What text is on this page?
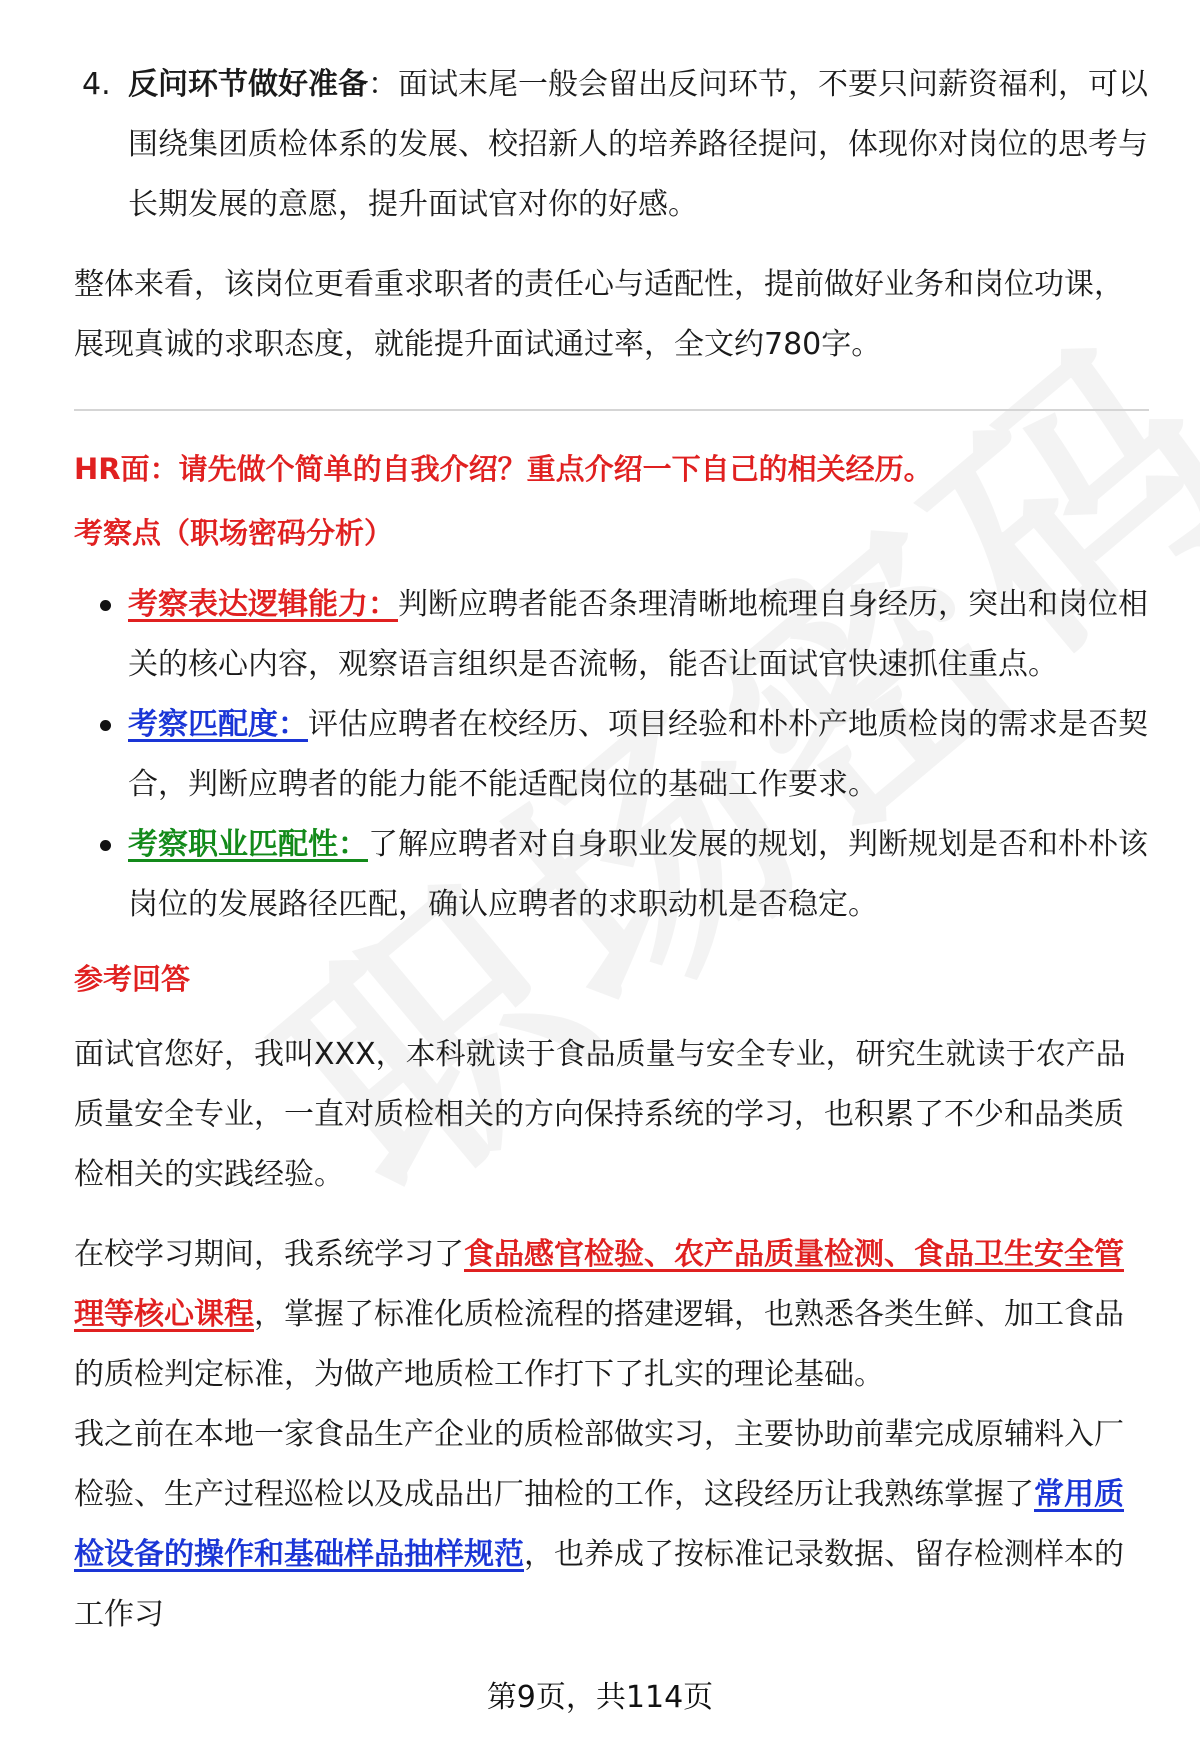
4. 反问环节做好准备：面试末尾一般会留出反问环节，不要只问薪资福利，可以围绕集团质检体系的发展、校招新人的培养路径提问，体现你对岗位的思考与长期发展的意愿，提升面试官对你的好感。

整体来看，该岗位更看重求职者的责任心与适配性，提前做好业务和岗位功课，展现真诚的求职态度，就能提升面试通过率，全文约780字。

HR面：请先做个简单的自我介绍？重点介绍一下自己的相关经历。
考察点（职场密码分析）
考察表达逻辑能力：判断应聘者能否条理清晰地梳理自身经历，突出和岗位相关的核心内容，观察语言组织是否流畅，能否让面试官快速抓住重点。
考察匹配度：评估应聘者在校经历、项目经验和朴朴产地质检岗的需求是否契合，判断应聘者的能力能不能适配岗位的基础工作要求。
考察职业匹配性：了解应聘者对自身职业发展的规划，判断规划是否和朴朴该岗位的发展路径匹配，确认应聘者的求职动机是否稳定。
参考回答

面试官您好，我叫XXX，本科就读于食品质量与安全专业，研究生就读于农产品质量安全专业，一直对质检相关的方向保持系统的学习，也积累了不少和品类质检相关的实践经验。

在校学习期间，我系统学习了食品感官检验、农产品质量检测、食品卫生安全管理等核心课程，掌握了标准化质检流程的搭建逻辑，也熟悉各类生鲜、加工食品的质检判定标准，为做产地质检工作打下了扎实的理论基础。

我之前在本地一家食品生产企业的质检部做实习，主要协助前辈完成原辅料入厂检验、生产过程巡检以及成品出厂抽检的工作，这段经历让我熟练掌握了常用质检设备的操作和基础样品抽样规范，也养成了按标准记录数据、留存检测样本的工作习

第9页，共114页
